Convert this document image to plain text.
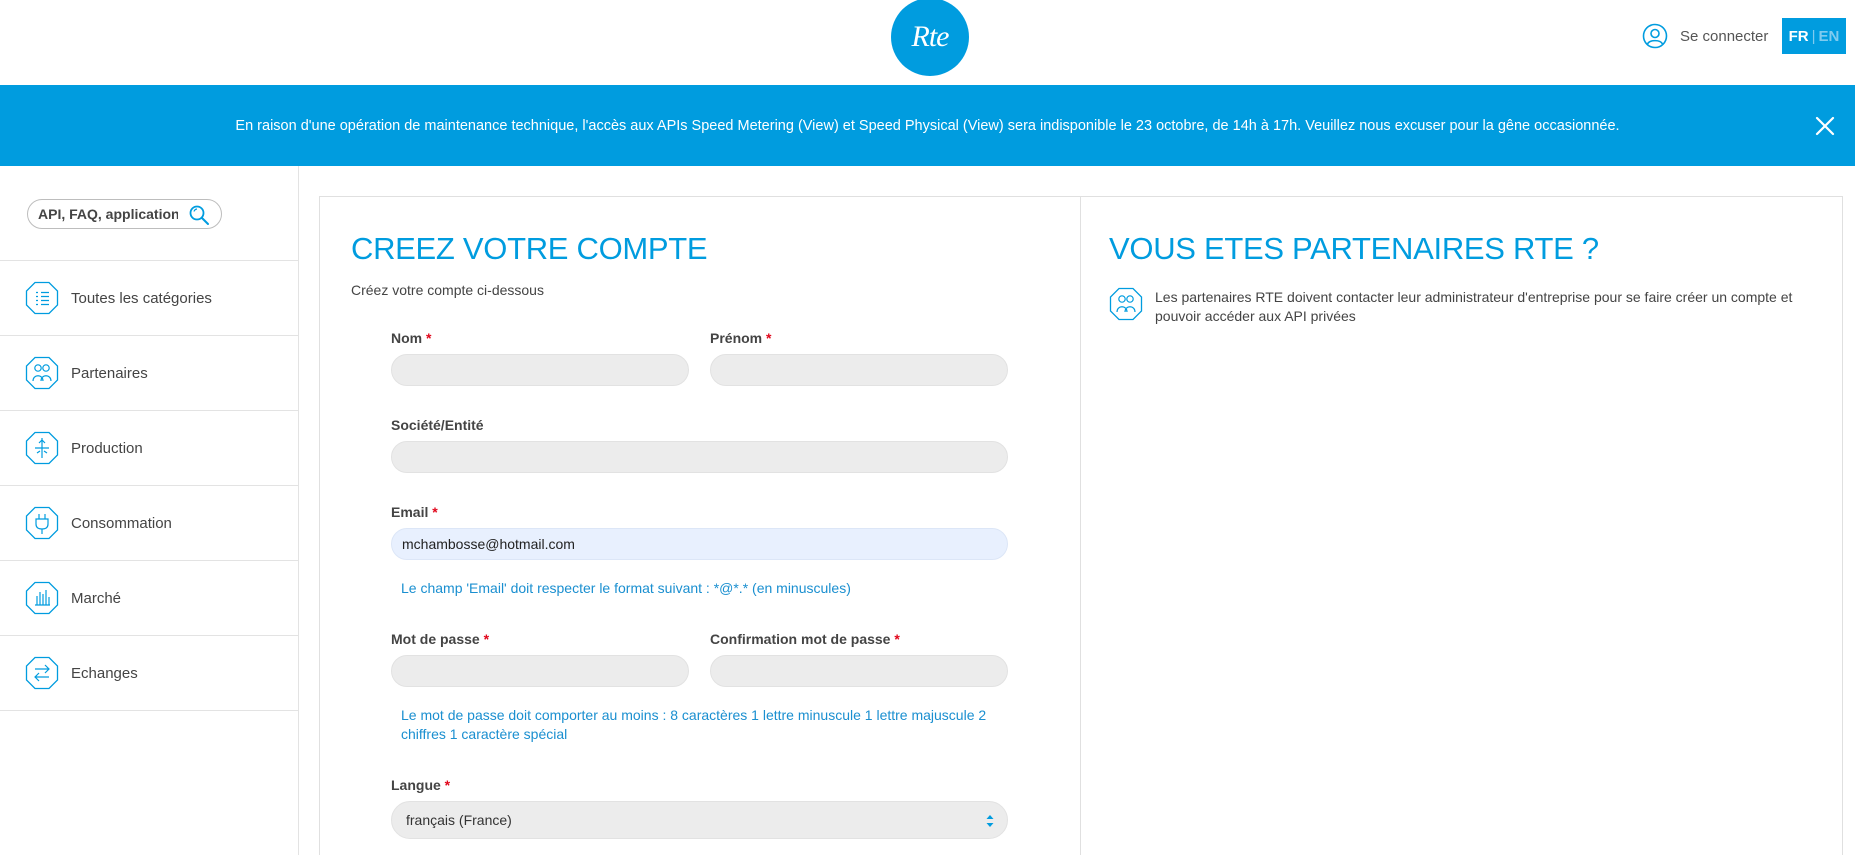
Rte	Se connecter FR | EN
En raison d'une opération de maintenance technique, l'accès aux APIs Speed Metering (View) et Speed Physical (View) sera indisponible le 23 octobre, de 14h à 17h. Veuillez nous excuser pour la gêne occasionnée.
API, FAQ, applications
Toutes les catégories
Partenaires
Production
Consommation
Marché
Echanges
CREEZ VOTRE COMPTE
Créez votre compte ci-dessous
Nom *	Prénom *
Société/Entité
Email *
mchambosse@hotmail.com
Le champ 'Email' doit respecter le format suivant : *@*.* (en minuscules)
Mot de passe *	Confirmation mot de passe *
Le mot de passe doit comporter au moins : 8 caractères 1 lettre minuscule 1 lettre majuscule 2 chiffres 1 caractère spécial
Langue *
français (France)
VOUS ETES PARTENAIRES RTE ?
Les partenaires RTE doivent contacter leur administrateur d'entreprise pour se faire créer un compte et pouvoir accéder aux API privées
